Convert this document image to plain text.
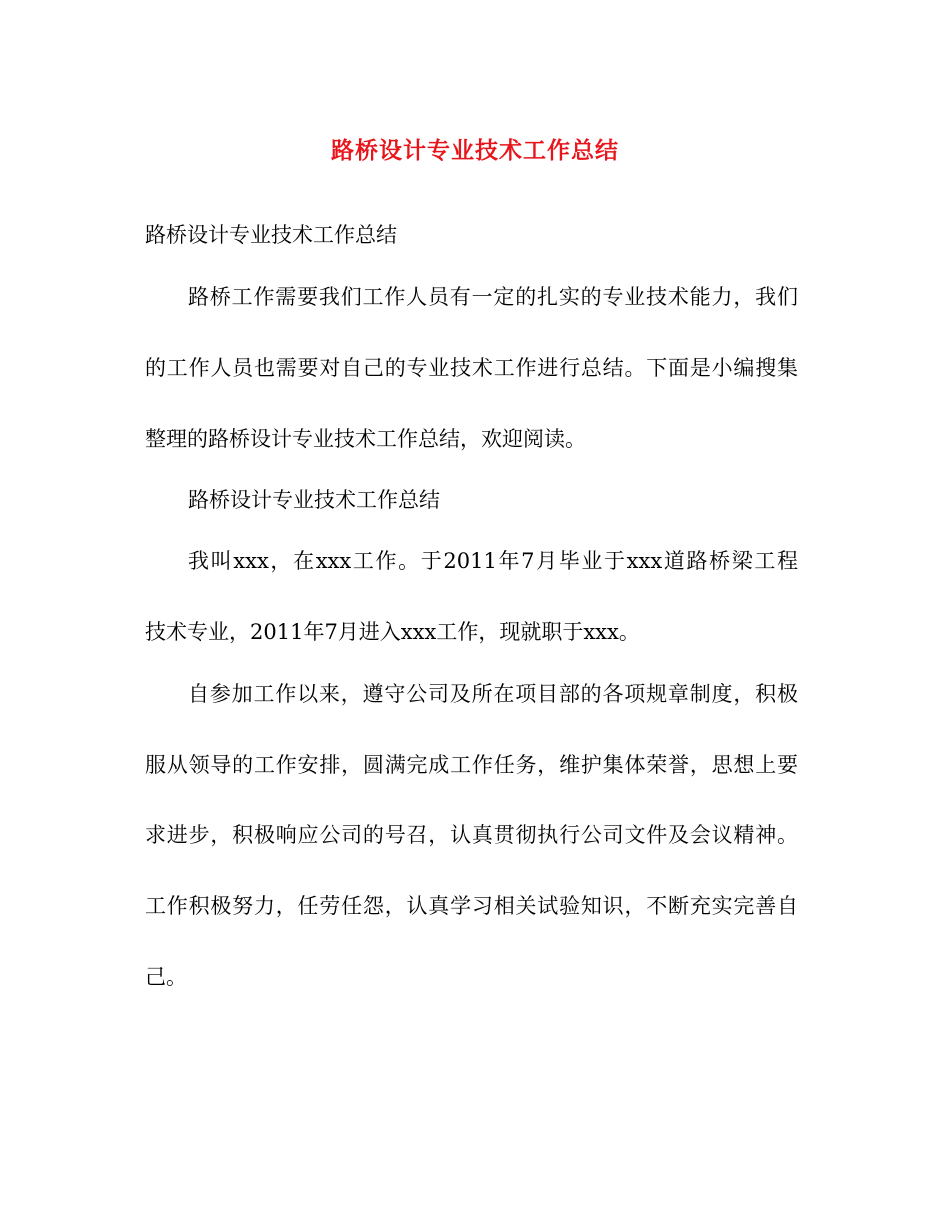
路桥设计专业技术工作总结
路桥设计专业技术工作总结
路桥工作需要我们工作人员有一定的扎实的专业技术能力，我们
的工作人员也需要对自己的专业技术工作进行总结。下面是小编搜集
整理的路桥设计专业技术工作总结，欢迎阅读。
路桥设计专业技术工作总结
我叫xxx，在xxx工作。于2011年7月毕业于xxx道路桥梁工程
技术专业，2011年7月进入xxx工作，现就职于xxx。
自参加工作以来，遵守公司及所在项目部的各项规章制度，积极
服从领导的工作安排，圆满完成工作任务，维护集体荣誉，思想上要
求进步，积极响应公司的号召，认真贯彻执行公司文件及会议精神。
工作积极努力，任劳任怨，认真学习相关试验知识，不断充实完善自
己。
